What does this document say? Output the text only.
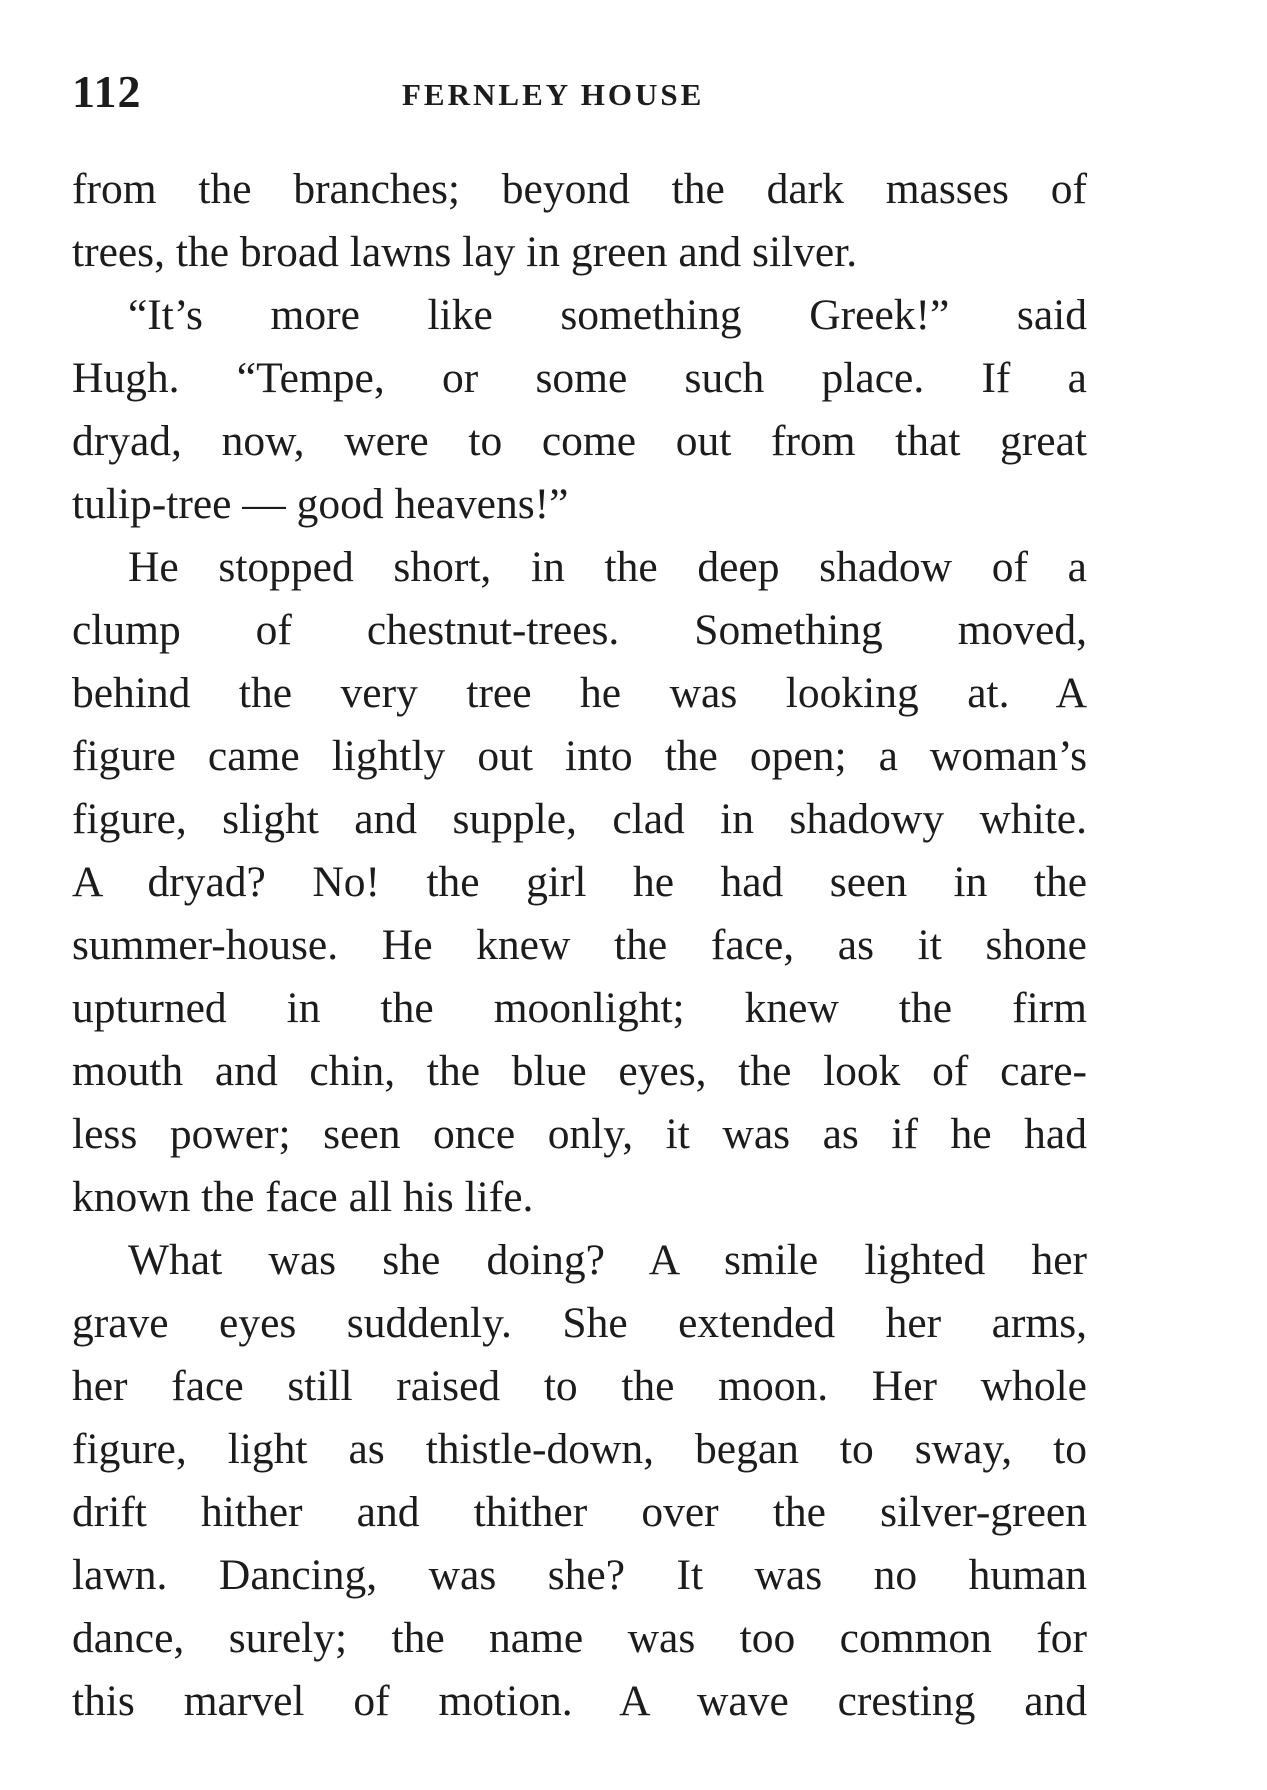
112	FERNLEY HOUSE
from the branches; beyond the dark masses of
trees, the broad lawns lay in green and silver.
“It’s more like something Greek!” said
Hugh. “Tempe, or some such place. If a
dryad, now, were to come out from that great
tulip-tree — good heavens!”
He stopped short, in the deep shadow of a
clump of chestnut-trees. Something moved,
behind the very tree he was looking at. A
figure came lightly out into the open; a woman’s
figure, slight and supple, clad in shadowy white.
A dryad? No! the girl he had seen in the
summer-house. He knew the face, as it shone
upturned in the moonlight; knew the firm
mouth and chin, the blue eyes, the look of care-
less power; seen once only, it was as if he had
known the face all his life.
What was she doing? A smile lighted her
grave eyes suddenly. She extended her arms,
her face still raised to the moon. Her whole
figure, light as thistle-down, began to sway, to
drift hither and thither over the silver-green
lawn. Dancing, was she? It was no human
dance, surely; the name was too common for
this marvel of motion. A wave cresting and
